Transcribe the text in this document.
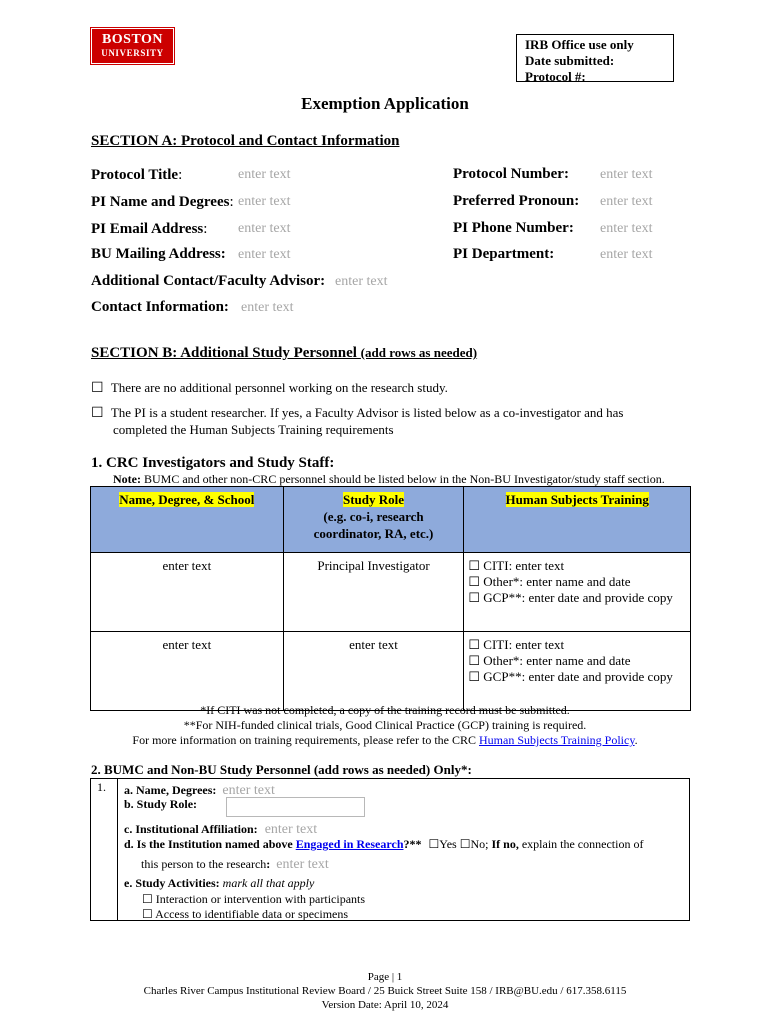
BOSTON
UNIVERSITY
IRB Office use only
Date submitted:
Protocol #:
Exemption Application
SECTION A: Protocol and Contact Information
Protocol Title:	enter text	Protocol Number: enter text
PI Name and Degrees: enter text	Preferred Pronoun: enter text
PI Email Address: enter text	PI Phone Number: enter text
BU Mailing Address: enter text	PI Department:	enter text
Additional Contact/Faculty Advisor: enter text
Contact Information: enter text
SECTION B: Additional Study Personnel (add rows as needed)
☐ There are no additional personnel working on the research study.
☐ The PI is a student researcher. If yes, a Faculty Advisor is listed below as a co-investigator and has
completed the Human Subjects Training requirements
1. CRC Investigators and Study Staff:
Note: BUMC and other non-CRC personnel should be listed below in the Non-BU Investigator/study staff section.
Name, Degree, & School	Study Role
(e.g. co-i, research
coordinator, RA, etc.)	Human Subjects Training
enter text	Principal Investigator	☐ CITI: enter text
☐ Other*: enter name and date
☐ GCP**: enter date and provide copy

enter text	enter text	☐ CITI: enter text
☐ Other*: enter name and date
☐ GCP**: enter date and provide copy
*If CITI was not completed, a copy of the training record must be submitted.
**For NIH-funded clinical trials, Good Clinical Practice (GCP) training is required.
For more information on training requirements, please refer to the CRC Human Subjects Training Policy.
2. BUMC and Non-BU Study Personnel (add rows as needed) Only*:
1. a. Name, Degrees: enter text
b. Study Role:
c. Institutional Affiliation: enter text
d. Is the Institution named above Engaged in Research?** ☐Yes ☐No; If no, explain the connection of
this person to the research: enter text
e. Study Activities: mark all that apply
☐ Interaction or intervention with participants
☐ Access to identifiable data or specimens
Page | 1
Charles River Campus Institutional Review Board / 25 Buick Street Suite 158 / IRB@BU.edu / 617.358.6115
Version Date: April 10, 2024
